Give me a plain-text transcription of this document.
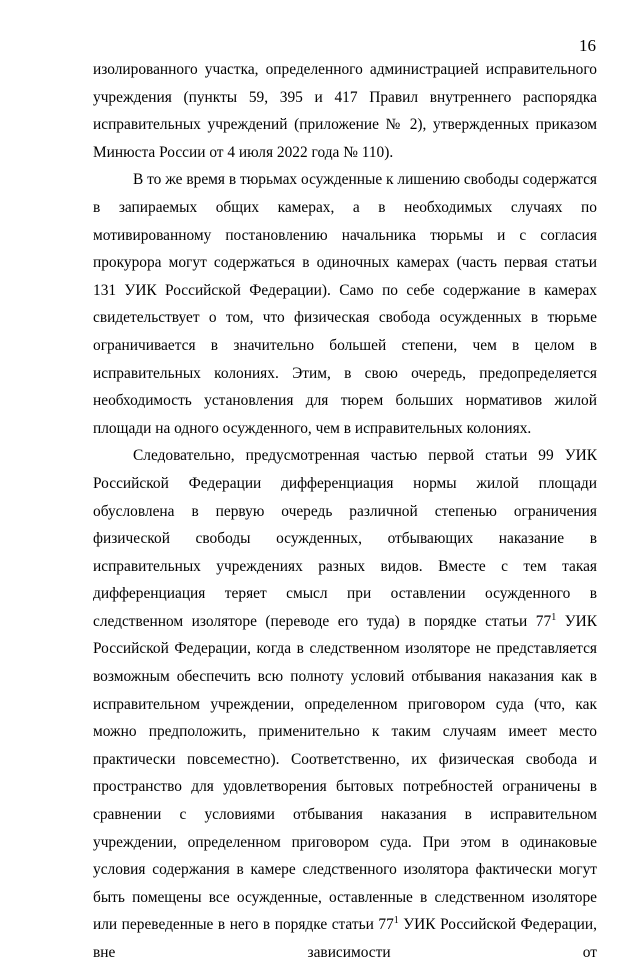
16

изолированного участка, определенного администрацией исправительного учреждения (пункты 59, 395 и 417 Правил внутреннего распорядка исправительных учреждений (приложение № 2), утвержденных приказом Минюста России от 4 июля 2022 года № 110).

В то же время в тюрьмах осужденные к лишению свободы содержатся в запираемых общих камерах, а в необходимых случаях по мотивированному постановлению начальника тюрьмы и с согласия прокурора могут содержаться в одиночных камерах (часть первая статьи 131 УИК Российской Федерации). Само по себе содержание в камерах свидетельствует о том, что физическая свобода осужденных в тюрьме ограничивается в значительно большей степени, чем в целом в исправительных колониях. Этим, в свою очередь, предопределяется необходимость установления для тюрем больших нормативов жилой площади на одного осужденного, чем в исправительных колониях.

Следовательно, предусмотренная частью первой статьи 99 УИК Российской Федерации дифференциация нормы жилой площади обусловлена в первую очередь различной степенью ограничения физической свободы осужденных, отбывающих наказание в исправительных учреждениях разных видов. Вместе с тем такая дифференциация теряет смысл при оставлении осужденного в следственном изоляторе (переводе его туда) в порядке статьи $77^1$ УИК Российской Федерации, когда в следственном изоляторе не представляется возможным обеспечить всю полноту условий отбывания наказания как в исправительном учреждении, определенном приговором суда (что, как можно предположить, применительно к таким случаям имеет место практически повсеместно). Соответственно, их физическая свобода и пространство для удовлетворения бытовых потребностей ограничены в сравнении с условиями отбывания наказания в исправительном учреждении, определенном приговором суда. При этом в одинаковые условия содержания в камере следственного изолятора фактически могут быть помещены все осужденные, оставленные в следственном изоляторе или переведенные в него в порядке статьи $77^1$ УИК Российской Федерации, вне зависимости от
